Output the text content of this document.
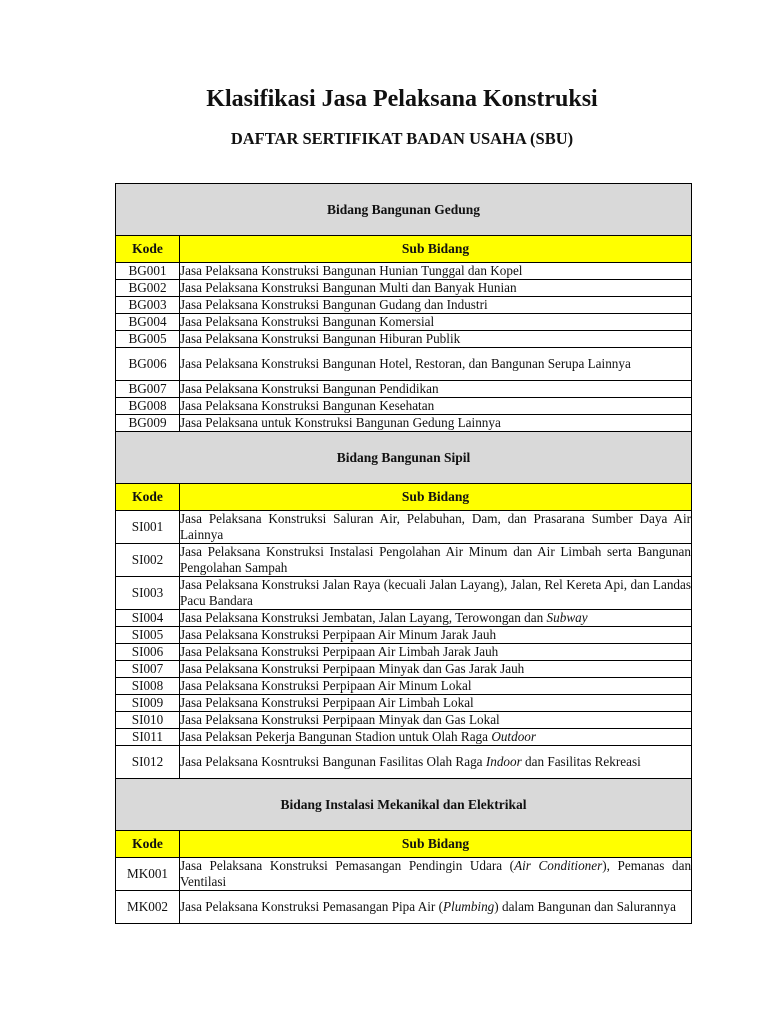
Klasifikasi Jasa Pelaksana Konstruksi
DAFTAR SERTIFIKAT BADAN USAHA (SBU)
Bidang Bangunan Gedung	
Kode	Sub Bidang
BG001	Jasa Pelaksana Konstruksi Bangunan Hunian Tunggal dan Kopel
BG002	Jasa Pelaksana Konstruksi Bangunan Multi dan Banyak Hunian
BG003	Jasa Pelaksana Konstruksi Bangunan Gudang dan Industri
BG004	Jasa Pelaksana Konstruksi Bangunan Komersial
BG005	Jasa Pelaksana Konstruksi Bangunan Hiburan Publik
BG006	Jasa Pelaksana Konstruksi Bangunan Hotel, Restoran, dan Bangunan Serupa Lainnya
BG007	Jasa Pelaksana Konstruksi Bangunan Pendidikan
BG008	Jasa Pelaksana Konstruksi Bangunan Kesehatan
BG009	Jasa Pelaksana untuk Konstruksi Bangunan Gedung Lainnya
Bidang Bangunan Sipil	
Kode	Sub Bidang
SI001	Jasa Pelaksana Konstruksi Saluran Air, Pelabuhan, Dam, dan Prasarana Sumber Daya Air Lainnya
SI002	Jasa Pelaksana Konstruksi Instalasi Pengolahan Air Minum dan Air Limbah serta Bangunan Pengolahan Sampah
SI003	Jasa Pelaksana Konstruksi Jalan Raya (kecuali Jalan Layang), Jalan, Rel Kereta Api, dan Landas Pacu Bandara
SI004	Jasa Pelaksana Konstruksi Jembatan, Jalan Layang, Terowongan dan Subway
SI005	Jasa Pelaksana Konstruksi Perpipaan Air Minum Jarak Jauh
SI006	Jasa Pelaksana Konstruksi Perpipaan Air Limbah Jarak Jauh
SI007	Jasa Pelaksana Konstruksi Perpipaan Minyak dan Gas Jarak Jauh
SI008	Jasa Pelaksana Konstruksi Perpipaan Air Minum Lokal
SI009	Jasa Pelaksana Konstruksi Perpipaan Air Limbah Lokal
SI010	Jasa Pelaksana Konstruksi Perpipaan Minyak dan Gas Lokal
SI011	Jasa Pelaksan Pekerja Bangunan Stadion untuk Olah Raga Outdoor
SI012	Jasa Pelaksana Kosntruksi Bangunan Fasilitas Olah Raga Indoor dan Fasilitas Rekreasi
Bidang Instalasi Mekanikal dan Elektrikal	
Kode	Sub Bidang
MK001	Jasa Pelaksana Konstruksi Pemasangan Pendingin Udara (Air Conditioner), Pemanas dan Ventilasi
MK002	Jasa Pelaksana Konstruksi Pemasangan Pipa Air (Plumbing) dalam Bangunan dan Salurannya
